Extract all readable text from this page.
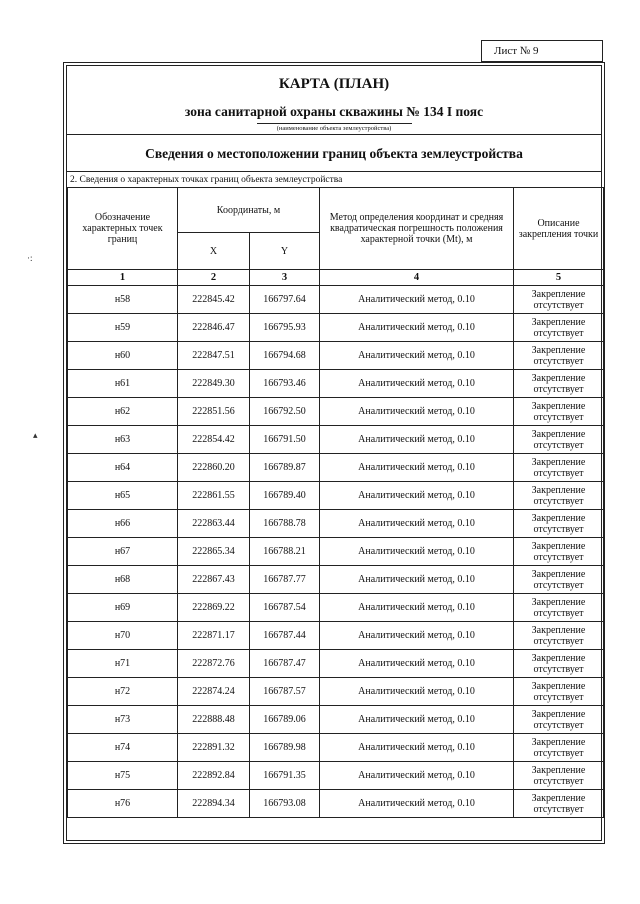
Лист № 9
·:
▴
КАРТА (ПЛАН)
зона санитарной охраны скважины № 134 I пояс
(наименование объекта землеустройства)
Сведения о местоположении границ объекта землеустройства
2. Сведения о характерных точках границ объекта землеустройства
Обозначение характерных точек границ	Координаты, м		Метод определения координат и средняя квадратическая погрешность положения характерной точки (Mt), м	Описание закрепления точки
	X	Y		
1	2	3	4	5
н58	222845.42	166797.64	Аналитический метод, 0.10	Закрепление отсутствует
н59	222846.47	166795.93	Аналитический метод, 0.10	Закрепление отсутствует
н60	222847.51	166794.68	Аналитический метод, 0.10	Закрепление отсутствует
н61	222849.30	166793.46	Аналитический метод, 0.10	Закрепление отсутствует
н62	222851.56	166792.50	Аналитический метод, 0.10	Закрепление отсутствует
н63	222854.42	166791.50	Аналитический метод, 0.10	Закрепление отсутствует
н64	222860.20	166789.87	Аналитический метод, 0.10	Закрепление отсутствует
н65	222861.55	166789.40	Аналитический метод, 0.10	Закрепление отсутствует
н66	222863.44	166788.78	Аналитический метод, 0.10	Закрепление отсутствует
н67	222865.34	166788.21	Аналитический метод, 0.10	Закрепление отсутствует
н68	222867.43	166787.77	Аналитический метод, 0.10	Закрепление отсутствует
н69	222869.22	166787.54	Аналитический метод, 0.10	Закрепление отсутствует
н70	222871.17	166787.44	Аналитический метод, 0.10	Закрепление отсутствует
н71	222872.76	166787.47	Аналитический метод, 0.10	Закрепление отсутствует
н72	222874.24	166787.57	Аналитический метод, 0.10	Закрепление отсутствует
н73	222888.48	166789.06	Аналитический метод, 0.10	Закрепление отсутствует
н74	222891.32	166789.98	Аналитический метод, 0.10	Закрепление отсутствует
н75	222892.84	166791.35	Аналитический метод, 0.10	Закрепление отсутствует
н76	222894.34	166793.08	Аналитический метод, 0.10	Закрепление отсутствует
